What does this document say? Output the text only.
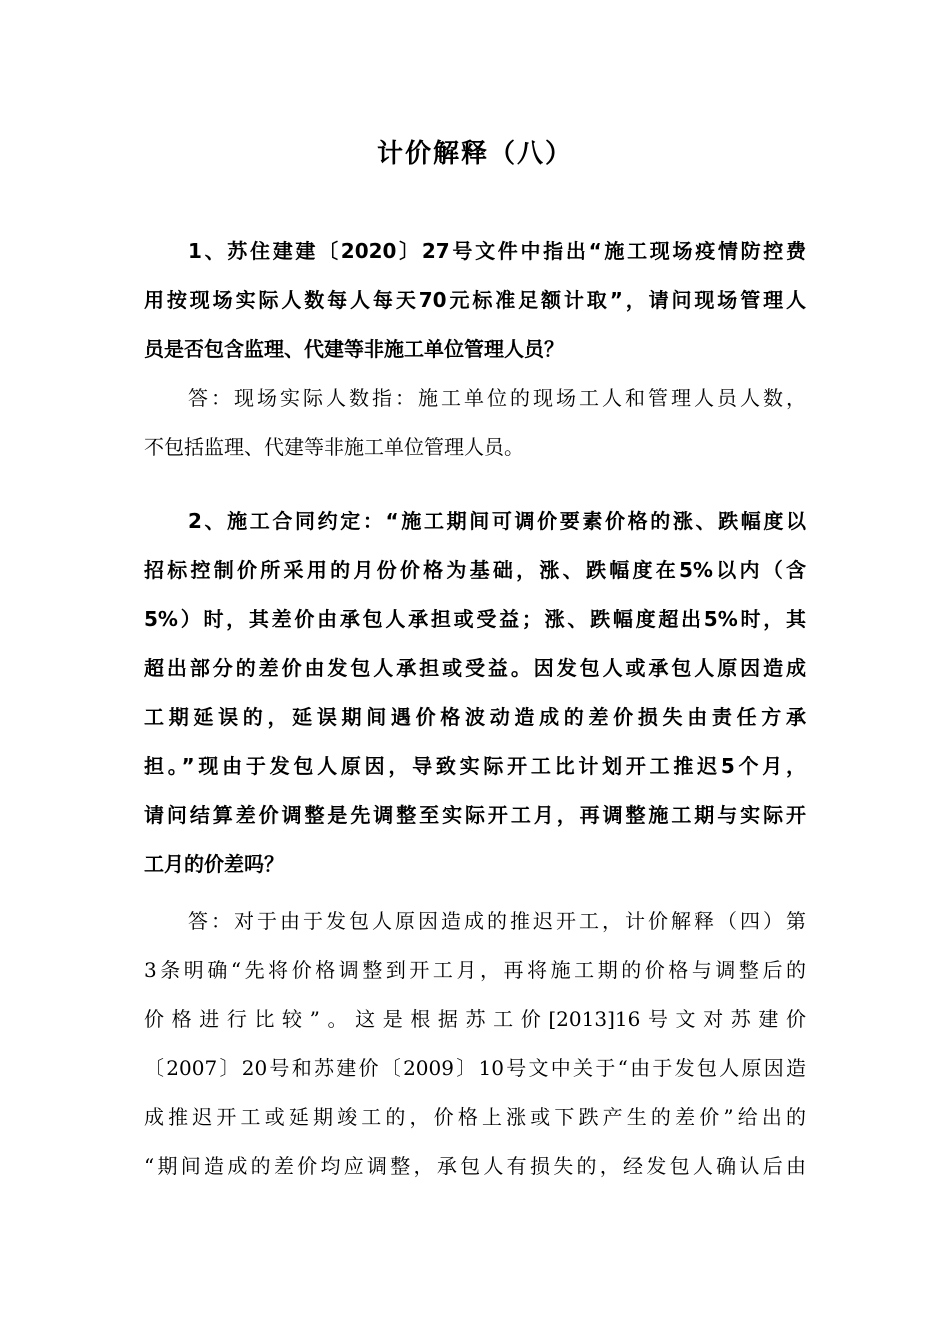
计价解释（八）
1、苏住建建〔2020〕27号文件中指出“施工现场疫情防控费
用按现场实际人数每人每天70元标准足额计取”，请问现场管理人
员是否包含监理、代建等非施工单位管理人员？
答：现场实际人数指：施工单位的现场工人和管理人员人数，
不包括监理、代建等非施工单位管理人员。
2、施工合同约定：“施工期间可调价要素价格的涨、跌幅度以
招标控制价所采用的月份价格为基础，涨、跌幅度在5%以内（含
5%）时，其差价由承包人承担或受益；涨、跌幅度超出5%时，其
超出部分的差价由发包人承担或受益。因发包人或承包人原因造成
工期延误的，延误期间遇价格波动造成的差价损失由责任方承
担。”现由于发包人原因，导致实际开工比计划开工推迟5个月，
请问结算差价调整是先调整至实际开工月，再调整施工期与实际开
工月的价差吗？
答：对于由于发包人原因造成的推迟开工，计价解释（四）第
3条明确“先将价格调整到开工月，再将施工期的价格与调整后的
价格进行比较”。这是根据苏工价[2013]16号文对苏建价
〔2007〕20号和苏建价〔2009〕10号文中关于“由于发包人原因造
成推迟开工或延期竣工的，价格上涨或下跌产生的差价”给出的
“期间造成的差价均应调整，承包人有损失的，经发包人确认后由
